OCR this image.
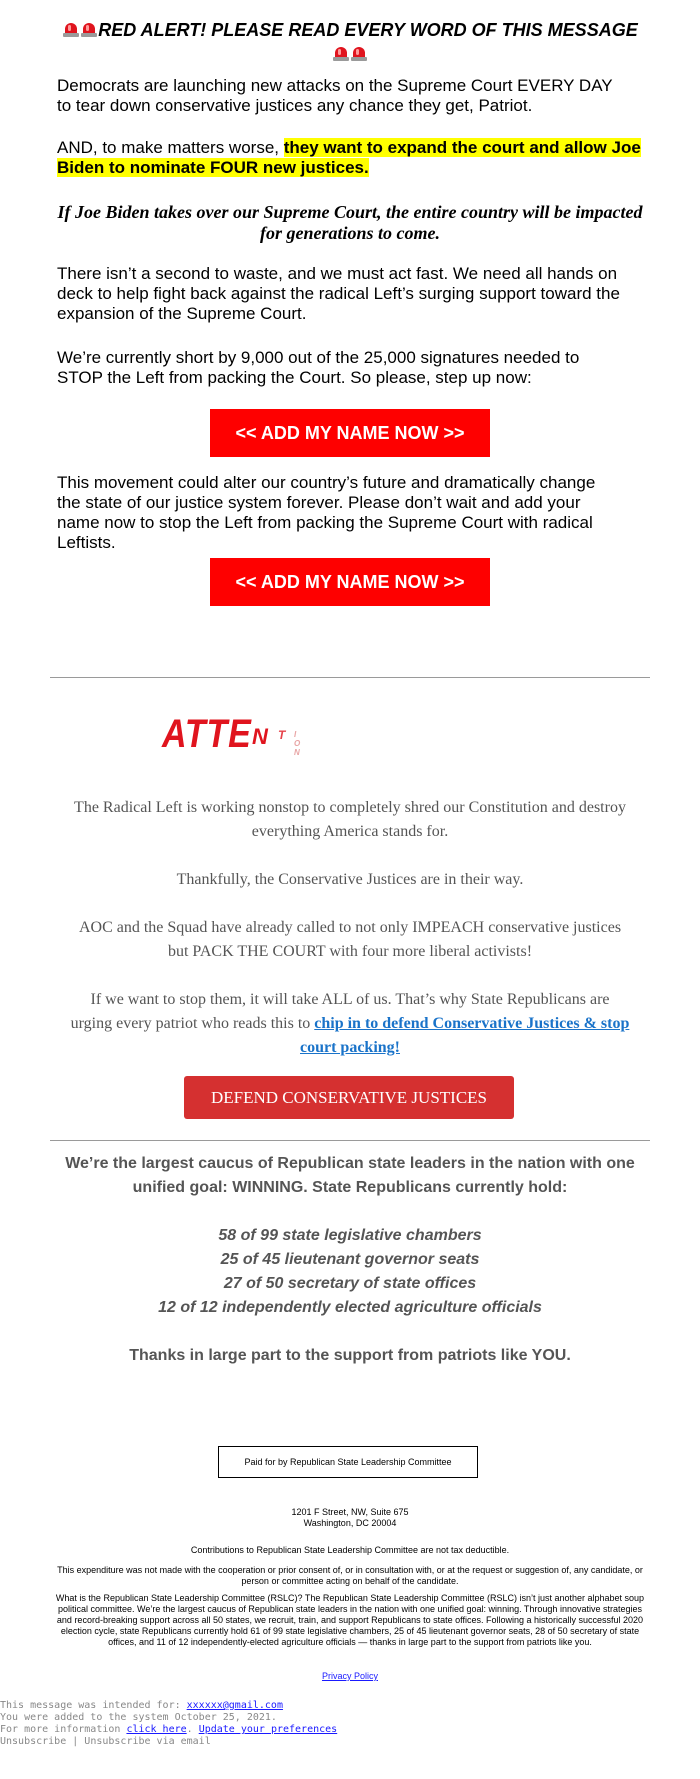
RED ALERT! PLEASE READ EVERY WORD OF THIS MESSAGE
Democrats are launching new attacks on the Supreme Court EVERY DAY to tear down conservative justices any chance they get, Patriot.
AND, to make matters worse, they want to expand the court and allow Joe Biden to nominate FOUR new justices.
If Joe Biden takes over our Supreme Court, the entire country will be impacted for generations to come.
There isn’t a second to waste, and we must act fast. We need all hands on deck to help fight back against the radical Left’s surging support toward the expansion of the Supreme Court.
We’re currently short by 9,000 out of the 25,000 signatures needed to STOP the Left from packing the Court. So please, step up now:
<< ADD MY NAME NOW >>
This movement could alter our country’s future and dramatically change the state of our justice system forever. Please don’t wait and add your name now to stop the Left from packing the Supreme Court with radical Leftists.
<< ADD MY NAME NOW >>
ATTE N T I O N
The Radical Left is working nonstop to completely shred our Constitution and destroy everything America stands for.
Thankfully, the Conservative Justices are in their way.
AOC and the Squad have already called to not only IMPEACH conservative justices but PACK THE COURT with four more liberal activists!
If we want to stop them, it will take ALL of us. That’s why State Republicans are urging every patriot who reads this to chip in to defend Conservative Justices & stop court packing!
DEFEND CONSERVATIVE JUSTICES
We’re the largest caucus of Republican state leaders in the nation with one unified goal: WINNING. State Republicans currently hold:
58 of 99 state legislative chambers
25 of 45 lieutenant governor seats
27 of 50 secretary of state offices
12 of 12 independently elected agriculture officials
Thanks in large part to the support from patriots like YOU.
Paid for by Republican State Leadership Committee
1201 F Street, NW, Suite 675
Washington, DC 20004
Contributions to Republican State Leadership Committee are not tax deductible.
This expenditure was not made with the cooperation or prior consent of, or in consultation with, or at the request or suggestion of, any candidate, or person or committee acting on behalf of the candidate.
What is the Republican State Leadership Committee (RSLC)? The Republican State Leadership Committee (RSLC) isn’t just another alphabet soup political committee. We’re the largest caucus of Republican state leaders in the nation with one unified goal: winning. Through innovative strategies and record-breaking support across all 50 states, we recruit, train, and support Republicans to state offices. Following a historically successful 2020 election cycle, state Republicans currently hold 61 of 99 state legislative chambers, 25 of 45 lieutenant governor seats, 28 of 50 secretary of state offices, and 11 of 12 independently-elected agriculture officials — thanks in large part to the support from patriots like you.
Privacy Policy
This message was intended for: xxxxxx@gmail.com
You were added to the system October 25, 2021.
For more information click here. Update your preferences
Unsubscribe | Unsubscribe via email
